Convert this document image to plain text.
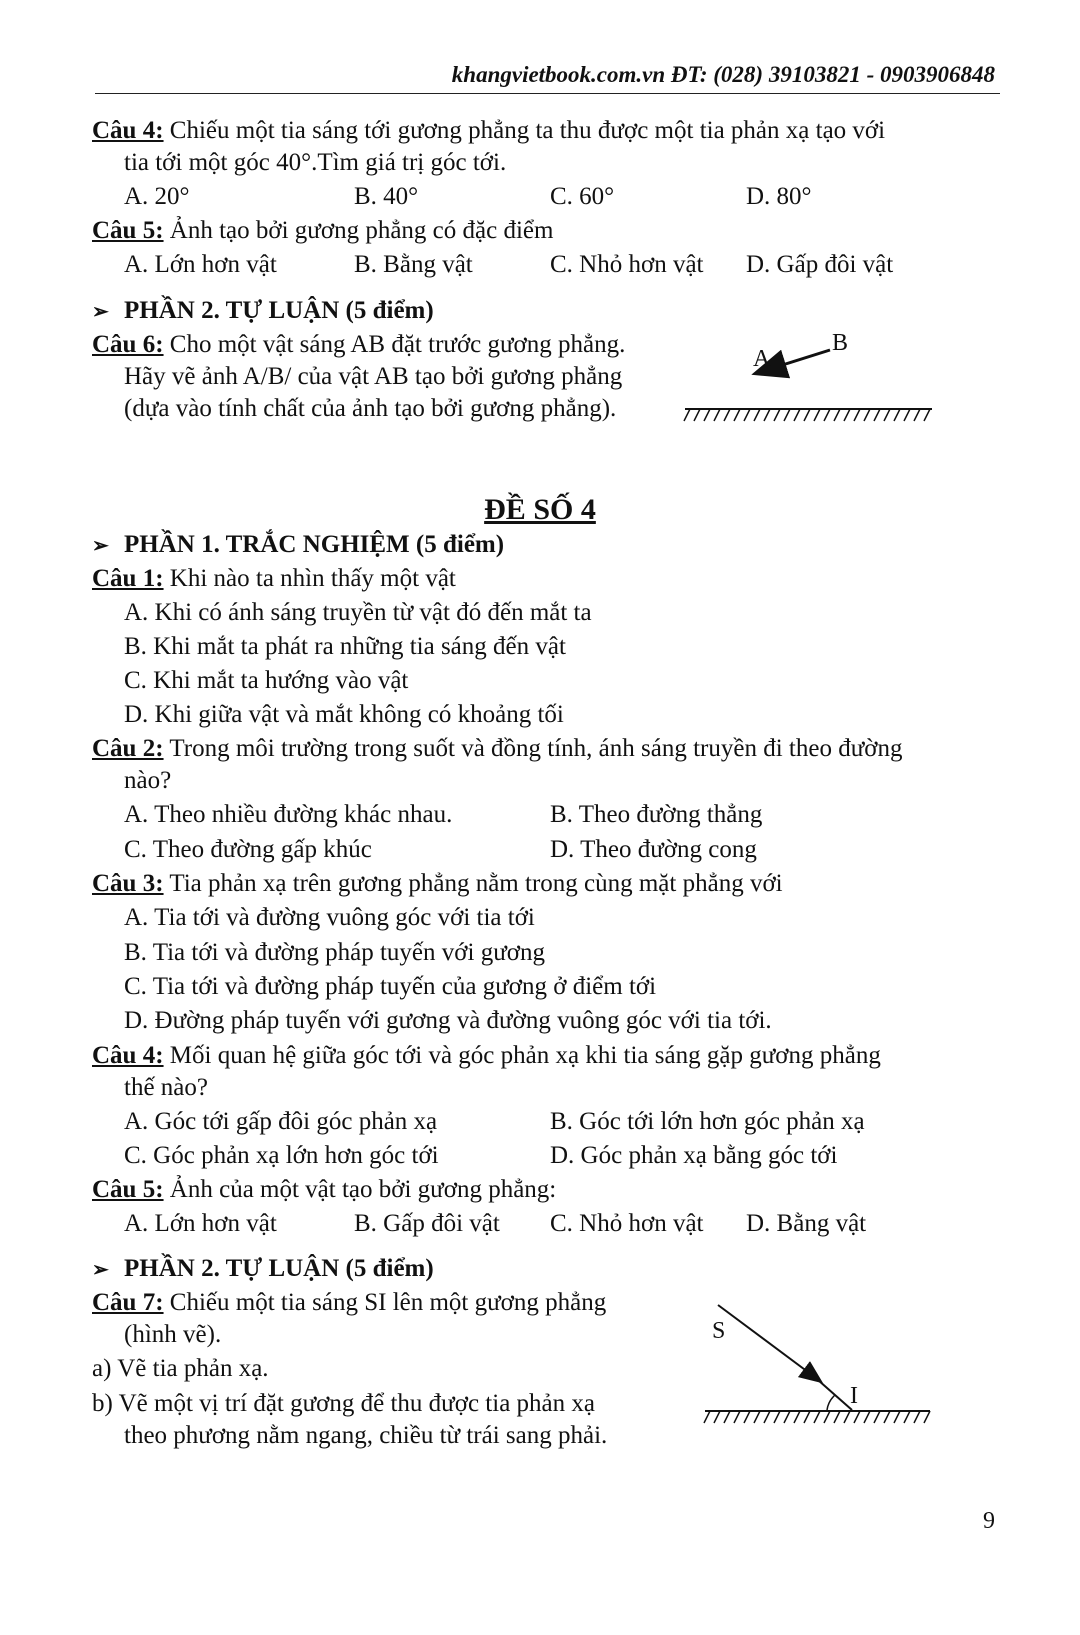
khangvietbook.com.vn ĐT: (028) 39103821 - 0903906848
Câu 4: Chiếu một tia sáng tới gương phẳng ta thu được một tia phản xạ tạo với
tia tới một góc 40°.Tìm giá trị góc tới.
A. 20°	B. 40°	C. 60°	D. 80°
Câu 5: Ảnh tạo bởi gương phẳng có đặc điểm
A. Lớn hơn vật	B. Bằng vật	C. Nhỏ hơn vật D. Gấp đôi vật
➢ PHẦN 2. TỰ LUẬN (5 điểm)
Câu 6: Cho một vật sáng AB đặt trước gương phẳng.
Hãy vẽ ảnh A/B/ của vật AB tạo bởi gương phẳng
(dựa vào tính chất của ảnh tạo bởi gương phẳng).
A
B
ĐỀ SỐ 4
➢ PHẦN 1. TRẮC NGHIỆM (5 điểm)
Câu 1: Khi nào ta nhìn thấy một vật
A. Khi có ánh sáng truyền từ vật đó đến mắt ta
B. Khi mắt ta phát ra những tia sáng đến vật
C. Khi mắt ta hướng vào vật
D. Khi giữa vật và mắt không có khoảng tối
Câu 2: Trong môi trường trong suốt và đồng tính, ánh sáng truyền đi theo đường
nào?
A. Theo nhiều đường khác nhau.	B. Theo đường thẳng
C. Theo đường gấp khúc	D. Theo đường cong
Câu 3: Tia phản xạ trên gương phẳng nằm trong cùng mặt phẳng với
A. Tia tới và đường vuông góc với tia tới
B. Tia tới và đường pháp tuyến với gương
C. Tia tới và đường pháp tuyến của gương ở điểm tới
D. Đường pháp tuyến với gương và đường vuông góc với tia tới.
Câu 4: Mối quan hệ giữa góc tới và góc phản xạ khi tia sáng gặp gương phẳng
thế nào?
A. Góc tới gấp đôi góc phản xạ	B. Góc tới lớn hơn góc phản xạ
C. Góc phản xạ lớn hơn góc tới	D. Góc phản xạ bằng góc tới
Câu 5: Ảnh của một vật tạo bởi gương phẳng:
A. Lớn hơn vật	B. Gấp đôi vật C. Nhỏ hơn vật D. Bằng vật
➢ PHẦN 2. TỰ LUẬN (5 điểm)
Câu 7: Chiếu một tia sáng SI lên một gương phẳng
(hình vẽ).
a) Vẽ tia phản xạ.
b) Vẽ một vị trí đặt gương để thu được tia phản xạ
theo phương nằm ngang, chiều từ trái sang phải.
S
I
9
